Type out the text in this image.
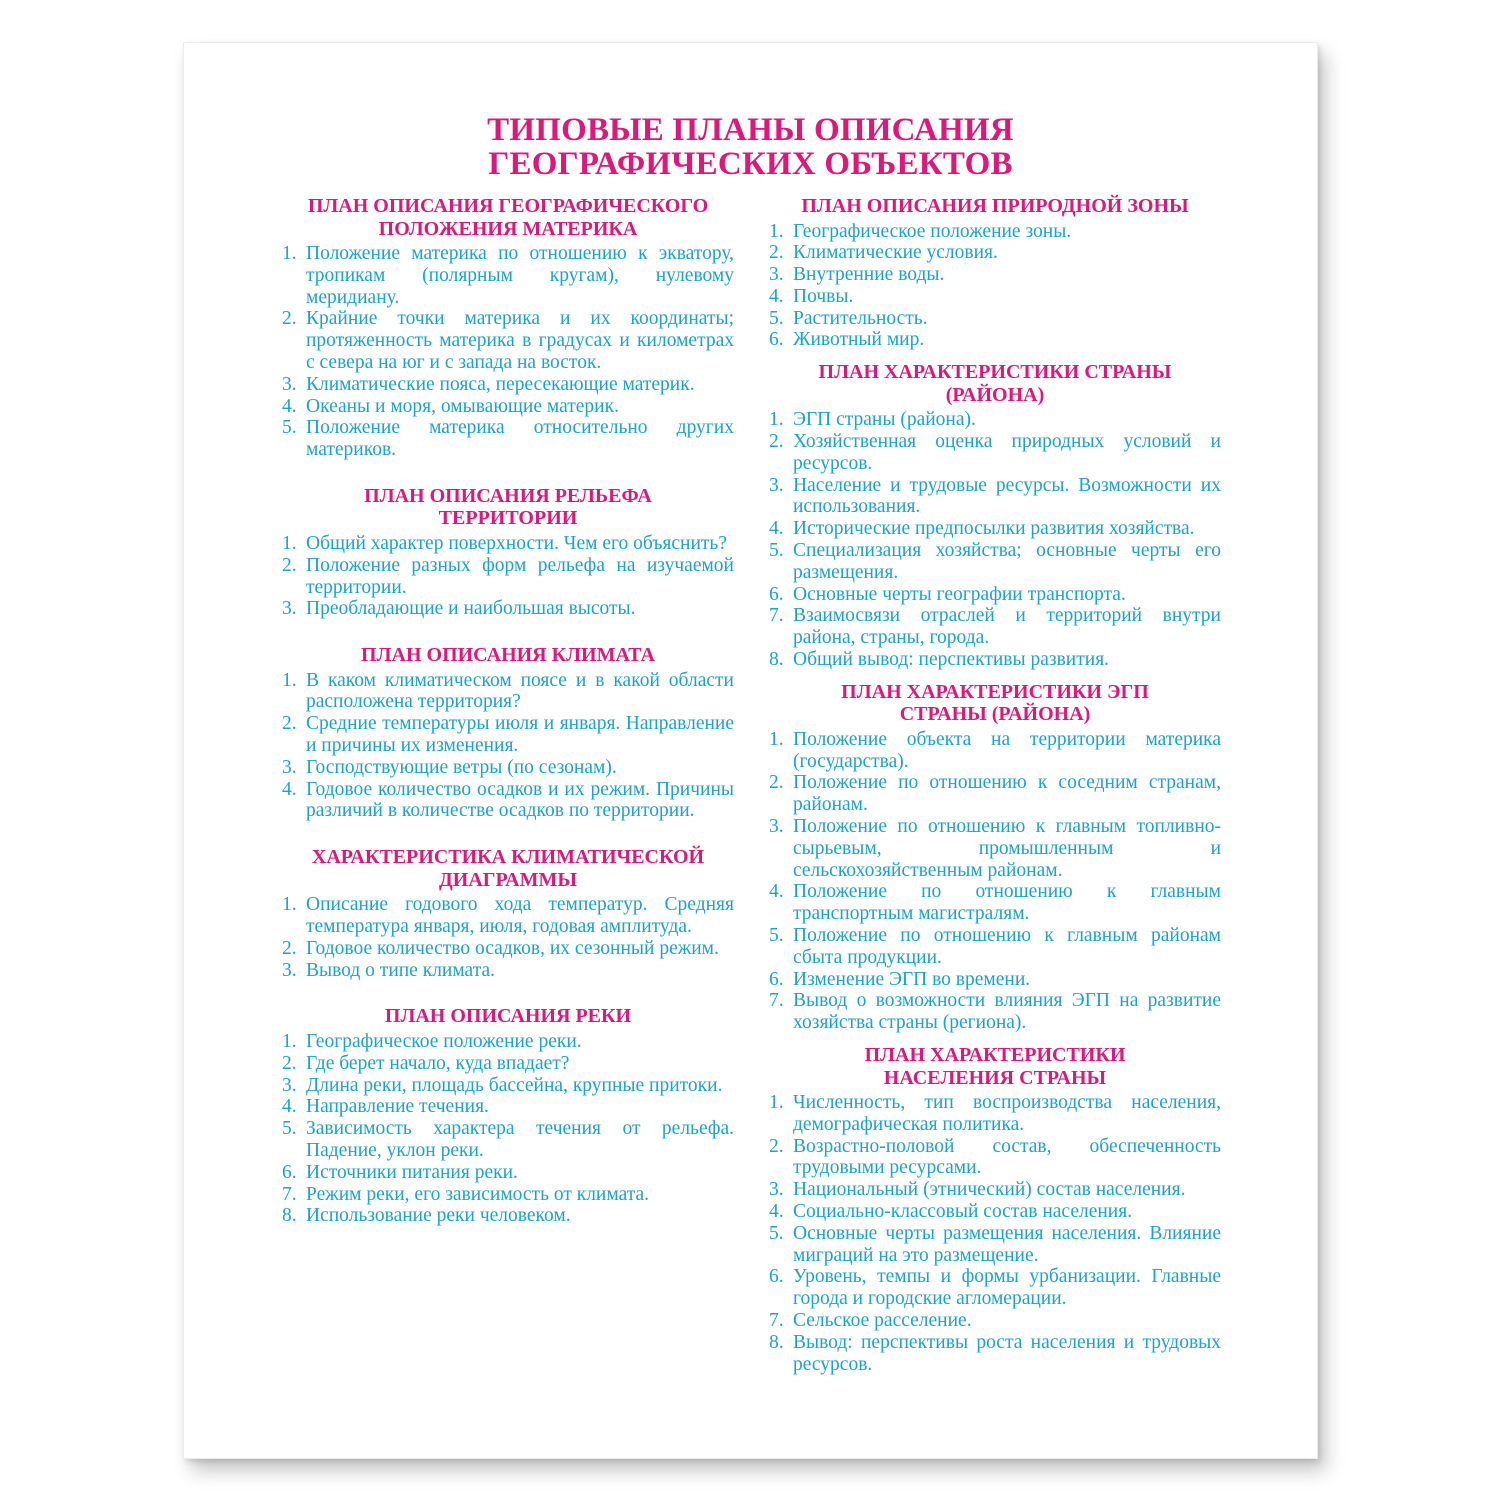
ТИПОВЫЕ ПЛАНЫ ОПИСАНИЯ
ГЕОГРАФИЧЕСКИХ ОБЪЕКТОВ
ПЛАН ОПИСАНИЯ ГЕОГРАФИЧЕСКОГО
ПОЛОЖЕНИЯ МАТЕРИКА
1. Положение материка по отношению к экватору, тропикам (полярным кругам), нулевому меридиану.
2. Крайние точки материка и их координаты; протяженность материка в градусах и километрах с севера на юг и с запада на восток.
3. Климатические пояса, пересекающие материк.
4. Океаны и моря, омывающие материк.
5. Положение материка относительно других материков.
ПЛАН ОПИСАНИЯ РЕЛЬЕФА
ТЕРРИТОРИИ
1. Общий характер поверхности. Чем его объяснить?
2. Положение разных форм рельефа на изучаемой территории.
3. Преобладающие и наибольшая высоты.
ПЛАН ОПИСАНИЯ КЛИМАТА
1. В каком климатическом поясе и в какой области расположена территория?
2. Средние температуры июля и января. Направление и причины их изменения.
3. Господствующие ветры (по сезонам).
4. Годовое количество осадков и их режим. Причины различий в количестве осадков по территории.
ХАРАКТЕРИСТИКА КЛИМАТИЧЕСКОЙ
ДИАГРАММЫ
1. Описание годового хода температур. Средняя температура января, июля, годовая амплитуда.
2. Годовое количество осадков, их сезонный режим.
3. Вывод о типе климата.
ПЛАН ОПИСАНИЯ РЕКИ
1. Географическое положение реки.
2. Где берет начало, куда впадает?
3. Длина реки, площадь бассейна, крупные притоки.
4. Направление течения.
5. Зависимость характера течения от рельефа. Падение, уклон реки.
6. Источники питания реки.
7. Режим реки, его зависимость от климата.
8. Использование реки человеком.
ПЛАН ОПИСАНИЯ ПРИРОДНОЙ ЗОНЫ
1. Географическое положение зоны.
2. Климатические условия.
3. Внутренние воды.
4. Почвы.
5. Растительность.
6. Животный мир.
ПЛАН ХАРАКТЕРИСТИКИ СТРАНЫ
(РАЙОНА)
1. ЭГП страны (района).
2. Хозяйственная оценка природных условий и ресурсов.
3. Население и трудовые ресурсы. Возможности их использования.
4. Исторические предпосылки развития хозяйства.
5. Специализация хозяйства; основные черты его размещения.
6. Основные черты географии транспорта.
7. Взаимосвязи отраслей и территорий внутри района, страны, города.
8. Общий вывод: перспективы развития.
ПЛАН ХАРАКТЕРИСТИКИ ЭГП
СТРАНЫ (РАЙОНА)
1. Положение объекта на территории материка (государства).
2. Положение по отношению к соседним странам, районам.
3. Положение по отношению к главным топливно-сырьевым, промышленным и сельскохозяйственным районам.
4. Положение по отношению к главным транспортным магистралям.
5. Положение по отношению к главным районам сбыта продукции.
6. Изменение ЭГП во времени.
7. Вывод о возможности влияния ЭГП на развитие хозяйства страны (региона).
ПЛАН ХАРАКТЕРИСТИКИ
НАСЕЛЕНИЯ СТРАНЫ
1. Численность, тип воспроизводства населения, демографическая политика.
2. Возрастно-половой состав, обеспеченность трудовыми ресурсами.
3. Национальный (этнический) состав населения.
4. Социально-классовый состав населения.
5. Основные черты размещения населения. Влияние миграций на это размещение.
6. Уровень, темпы и формы урбанизации. Главные города и городские агломерации.
7. Сельское расселение.
8. Вывод: перспективы роста населения и трудовых ресурсов.
